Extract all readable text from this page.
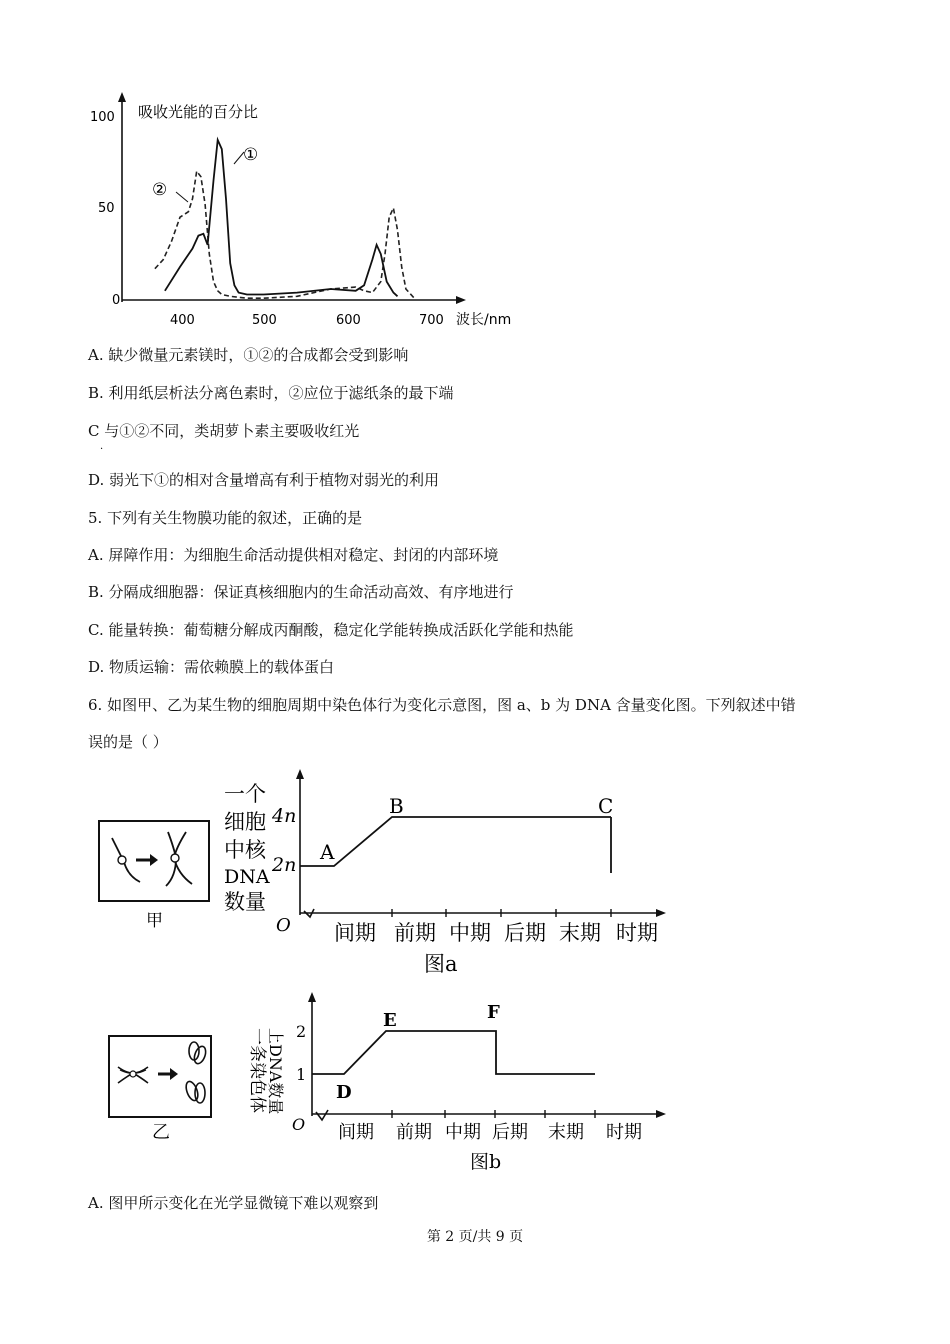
吸收光能的百分比
100
50
0
400	500	600	700 波长/nm
①
②
A. 缺少微量元素镁时，①②的合成都会受到影响
B. 利用纸层析法分离色素时，②应位于滤纸条的最下端
C 与①②不同，类胡萝卜素主要吸收红光
·
D. 弱光下①的相对含量增高有利于植物对弱光的利用
5. 下列有关生物膜功能的叙述，正确的是
A. 屏障作用：为细胞生命活动提供相对稳定、封闭的内部环境
B. 分隔成细胞器：保证真核细胞内的生命活动高效、有序地进行
C. 能量转换：葡萄糖分解成丙酮酸，稳定化学能转换成活跃化学能和热能
D. 物质运输：需依赖膜上的载体蛋白
6. 如图甲、乙为某生物的细胞周期中染色体行为变化示意图，图 a、b 为 DNA 含量变化图。下列叙述中错
误的是（ ）
甲
一个
细胞
中核
DNA
数量
O
4n
2n
A
B	C
间期 前期 中期 后期 末期 时期
图a
乙
一条染色体 上DNA数量
O
2
1
D
E	F
间期 前期 中期 后期 末期 时期
图b
A. 图甲所示变化在光学显微镜下难以观察到
第 2 页/共 9 页
